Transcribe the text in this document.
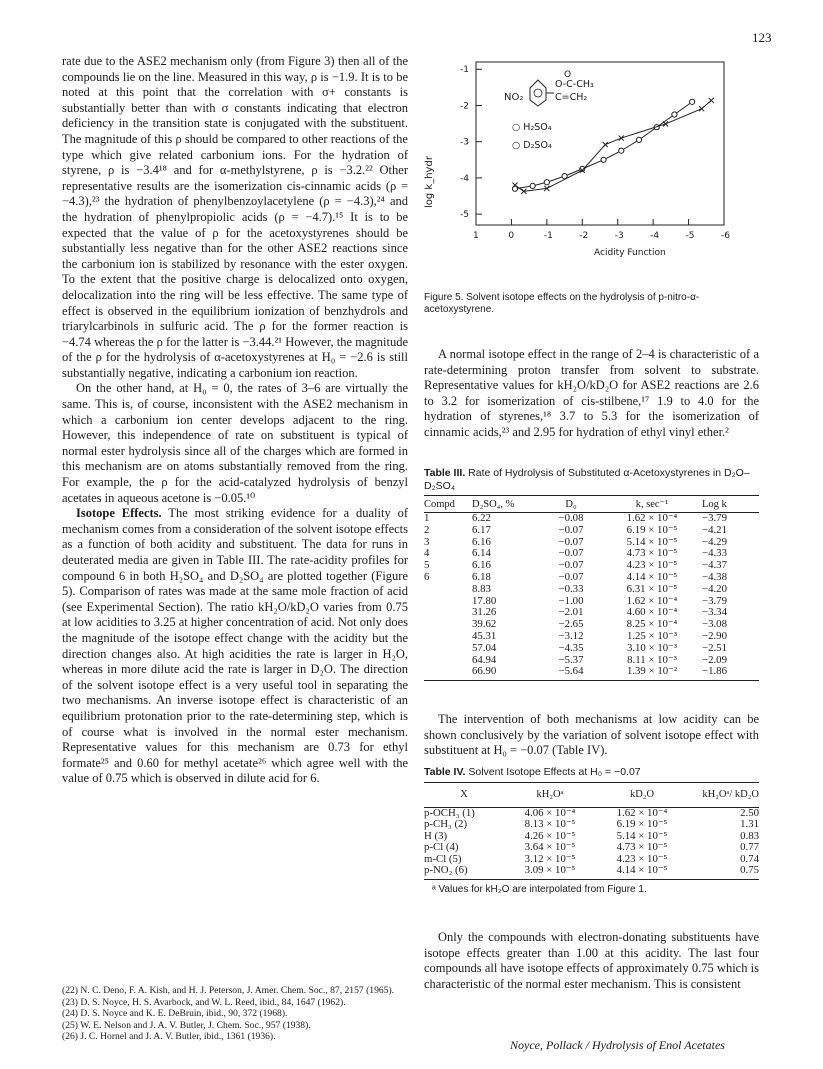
123

rate due to the ASE2 mechanism only (from Figure 3) then all of the compounds lie on the line. Measured in this way, ρ is −1.9. It is to be noted at this point that the correlation with σ+ constants is substantially better than with σ constants indicating that electron deficiency in the transition state is conjugated with the substituent. The magnitude of this ρ should be compared to other reactions of the type which give related carbonium ions. For the hydration of styrene, ρ is −3.4¹⁸ and for α-methylstyrene, ρ is −3.2.²² Other representative results are the isomerization cis-cinnamic acids (ρ = −4.3),²³ the hydration of phenylbenzoylacetylene (ρ = −4.3),²⁴ and the hydration of phenylpropiolic acids (ρ = −4.7).¹⁵ It is to be expected that the value of ρ for the acetoxystyrenes should be substantially less negative than for the other ASE2 reactions since the carbonium ion is stabilized by resonance with the ester oxygen. To the extent that the positive charge is delocalized onto oxygen, delocalization into the ring will be less effective. The same type of effect is observed in the equilibrium ionization of benzhydrols and triarylcarbinols in sulfuric acid. The ρ for the former reaction is −4.74 whereas the ρ for the latter is −3.44.²¹ However, the magnitude of the ρ for the hydrolysis of α-acetoxystyrenes at H₀ = −2.6 is still substantially negative, indicating a carbonium ion reaction.

On the other hand, at H₀ = 0, the rates of 3–6 are virtually the same. This is, of course, inconsistent with the ASE2 mechanism in which a carbonium ion center develops adjacent to the ring. However, this independence of rate on substituent is typical of normal ester hydrolysis since all of the charges which are formed in this mechanism are on atoms substantially removed from the ring. For example, the ρ for the acid-catalyzed hydrolysis of benzyl acetates in aqueous acetone is −0.05.¹⁰

Isotope Effects. The most striking evidence for a duality of mechanism comes from a consideration of the solvent isotope effects as a function of both acidity and substituent. The data for runs in deuterated media are given in Table III. The rate-acidity profiles for compound 6 in both H₂SO₄ and D₂SO₄ are plotted together (Figure 5). Comparison of rates was made at the same mole fraction of acid (see Experimental Section). The ratio kH₂O/kD₂O varies from 0.75 at low acidities to 3.25 at higher concentration of acid. Not only does the magnitude of the isotope effect change with the acidity but the direction changes also. At high acidities the rate is larger in H₂O, whereas in more dilute acid the rate is larger in D₂O. The direction of the solvent isotope effect is a very useful tool in separating the two mechanisms. An inverse isotope effect is characteristic of an equilibrium protonation prior to the rate-determining step, which is of course what is involved in the normal ester mechanism. Representative values for this mechanism are 0.73 for ethyl formate²⁵ and 0.60 for methyl acetate²⁶ which agree well with the value of 0.75 which is observed in dilute acid for 6.

(22) N. C. Deno, F. A. Kish, and H. J. Peterson, J. Amer. Chem. Soc., 87, 2157 (1965).
(23) D. S. Noyce, H. S. Avarbock, and W. L. Reed, ibid., 84, 1647 (1962).
(24) D. S. Noyce and K. E. DeBruin, ibid., 90, 372 (1968).
(25) W. E. Nelson and J. A. V. Butler, J. Chem. Soc., 957 (1938).
(26) J. C. Hornel and J. A. V. Butler, ibid., 1361 (1936).
1	0	-1	-2	-3	-4	-5	-6
-1
-2
-3
-4
-5
log k_hydr
Acidity Function
NO₂
O
O-C-CH₃
C=CH₂
○ H₂SO₄
○ D₂SO₄
Figure 5. Solvent isotope effects on the hydrolysis of p-nitro-α-acetoxystyrene.

A normal isotope effect in the range of 2–4 is characteristic of a rate-determining proton transfer from solvent to substrate. Representative values for kH₂O/kD₂O for ASE2 reactions are 2.6 to 3.2 for isomerization of cis-stilbene,¹⁷ 1.9 to 4.0 for the hydration of styrenes,¹⁸ 3.7 to 5.3 for the isomerization of cinnamic acids,²³ and 2.95 for hydration of ethyl vinyl ether.²

Table III. Rate of Hydrolysis of Substituted α-Acetoxystyrenes in D₂O–D₂SO₄
Compd	D₂SO₄, %	D₀	k, sec⁻¹	Log k
1	6.22	−0.08	1.62 × 10⁻⁴	−3.79
2	6.17	−0.07	6.19 × 10⁻⁵	−4.21
3	6.16	−0.07	5.14 × 10⁻⁵	−4.29
4	6.14	−0.07	4.73 × 10⁻⁵	−4.33
5	6.16	−0.07	4.23 × 10⁻⁵	−4.37
6	6.18	−0.07	4.14 × 10⁻⁵	−4.38
	8.83	−0.33	6.31 × 10⁻⁵	−4.20
	17.80	−1.00	1.62 × 10⁻⁴	−3.79
	31.26	−2.01	4.60 × 10⁻⁴	−3.34
	39.62	−2.65	8.25 × 10⁻⁴	−3.08
	45.31	−3.12	1.25 × 10⁻³	−2.90
	57.04	−4.35	3.10 × 10⁻³	−2.51
	64.94	−5.37	8.11 × 10⁻³	−2.09
	66.90	−5.64	1.39 × 10⁻²	−1.86

The intervention of both mechanisms at low acidity can be shown conclusively by the variation of solvent isotope effect with substituent at H₀ = −0.07 (Table IV).

Table IV. Solvent Isotope Effects at H₀ = −0.07
X	kH₂Oᵃ	kD₂O	kH₂Oᵃ/ kD₂O
p-OCH₃ (1)	4.06 × 10⁻⁴	1.62 × 10⁻⁴	2.50
p-CH₃ (2)	8.13 × 10⁻⁵	6.19 × 10⁻⁵	1.31
H (3)	4.26 × 10⁻⁵	5.14 × 10⁻⁵	0.83
p-Cl (4)	3.64 × 10⁻⁵	4.73 × 10⁻⁵	0.77
m-Cl (5)	3.12 × 10⁻⁵	4.23 × 10⁻⁵	0.74
p-NO₂ (6)	3.09 × 10⁻⁵	4.14 × 10⁻⁵	0.75
ᵃ Values for kH₂O are interpolated from Figure 1.

Only the compounds with electron-donating substituents have isotope effects greater than 1.00 at this acidity. The last four compounds all have isotope effects of approximately 0.75 which is characteristic of the normal ester mechanism. This is consistent

Noyce, Pollack / Hydrolysis of Enol Acetates
